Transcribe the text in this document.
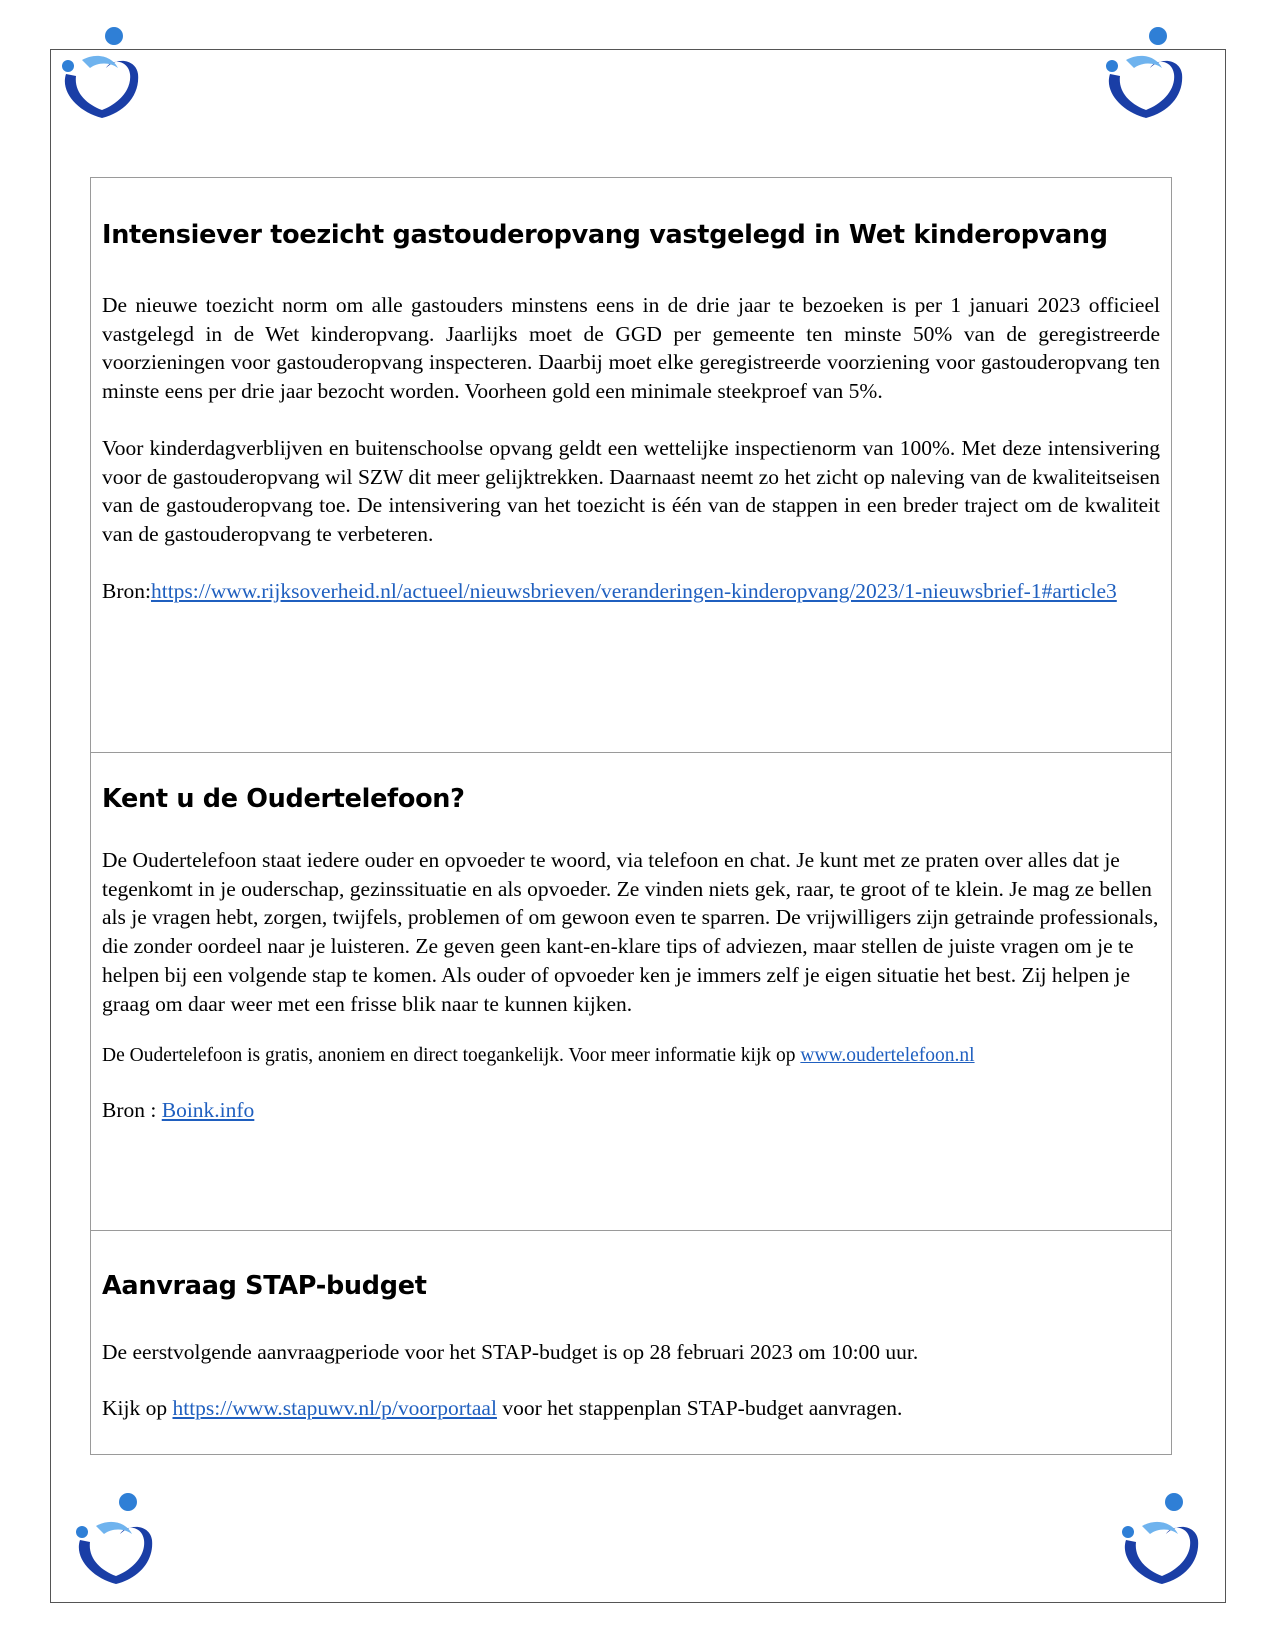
Intensiever toezicht gastouderopvang vastgelegd in Wet kinderopvang

De nieuwe toezicht norm om alle gastouders minstens eens in de drie jaar te bezoeken is per 1 januari 2023 officieel vastgelegd in de Wet kinderopvang. Jaarlijks moet de GGD per gemeente ten minste 50% van de geregistreerde voorzieningen voor gastouderopvang inspecteren. Daarbij moet elke geregistreerde voorziening voor gastouderopvang ten minste eens per drie jaar bezocht worden. Voorheen gold een minimale steekproef van 5%.

Voor kinderdagverblijven en buitenschoolse opvang geldt een wettelijke inspectienorm van 100%. Met deze intensivering voor de gastouderopvang wil SZW dit meer gelijktrekken. Daarnaast neemt zo het zicht op naleving van de kwaliteitseisen van de gastouderopvang toe. De intensivering van het toezicht is één van de stappen in een breder traject om de kwaliteit van de gastouderopvang te verbeteren.

Bron:https://www.rijksoverheid.nl/actueel/nieuwsbrieven/veranderingen-kinderopvang/2023/1-nieuwsbrief-1#article3

Kent u de Oudertelefoon?

De Oudertelefoon staat iedere ouder en opvoeder te woord, via telefoon en chat. Je kunt met ze praten over alles dat je tegenkomt in je ouderschap, gezinssituatie en als opvoeder. Ze vinden niets gek, raar, te groot of te klein. Je mag ze bellen als je vragen hebt, zorgen, twijfels, problemen of om gewoon even te sparren. De vrijwilligers zijn getrainde professionals, die zonder oordeel naar je luisteren. Ze geven geen kant-en-klare tips of adviezen, maar stellen de juiste vragen om je te helpen bij een volgende stap te komen. Als ouder of opvoeder ken je immers zelf je eigen situatie het best. Zij helpen je graag om daar weer met een frisse blik naar te kunnen kijken.

De Oudertelefoon is gratis, anoniem en direct toegankelijk. Voor meer informatie kijk op www.oudertelefoon.nl

Bron : Boink.info

Aanvraag STAP-budget

De eerstvolgende aanvraagperiode voor het STAP-budget is op 28 februari 2023 om 10:00 uur.

Kijk op https://www.stapuwv.nl/p/voorportaal voor het stappenplan STAP-budget aanvragen.
